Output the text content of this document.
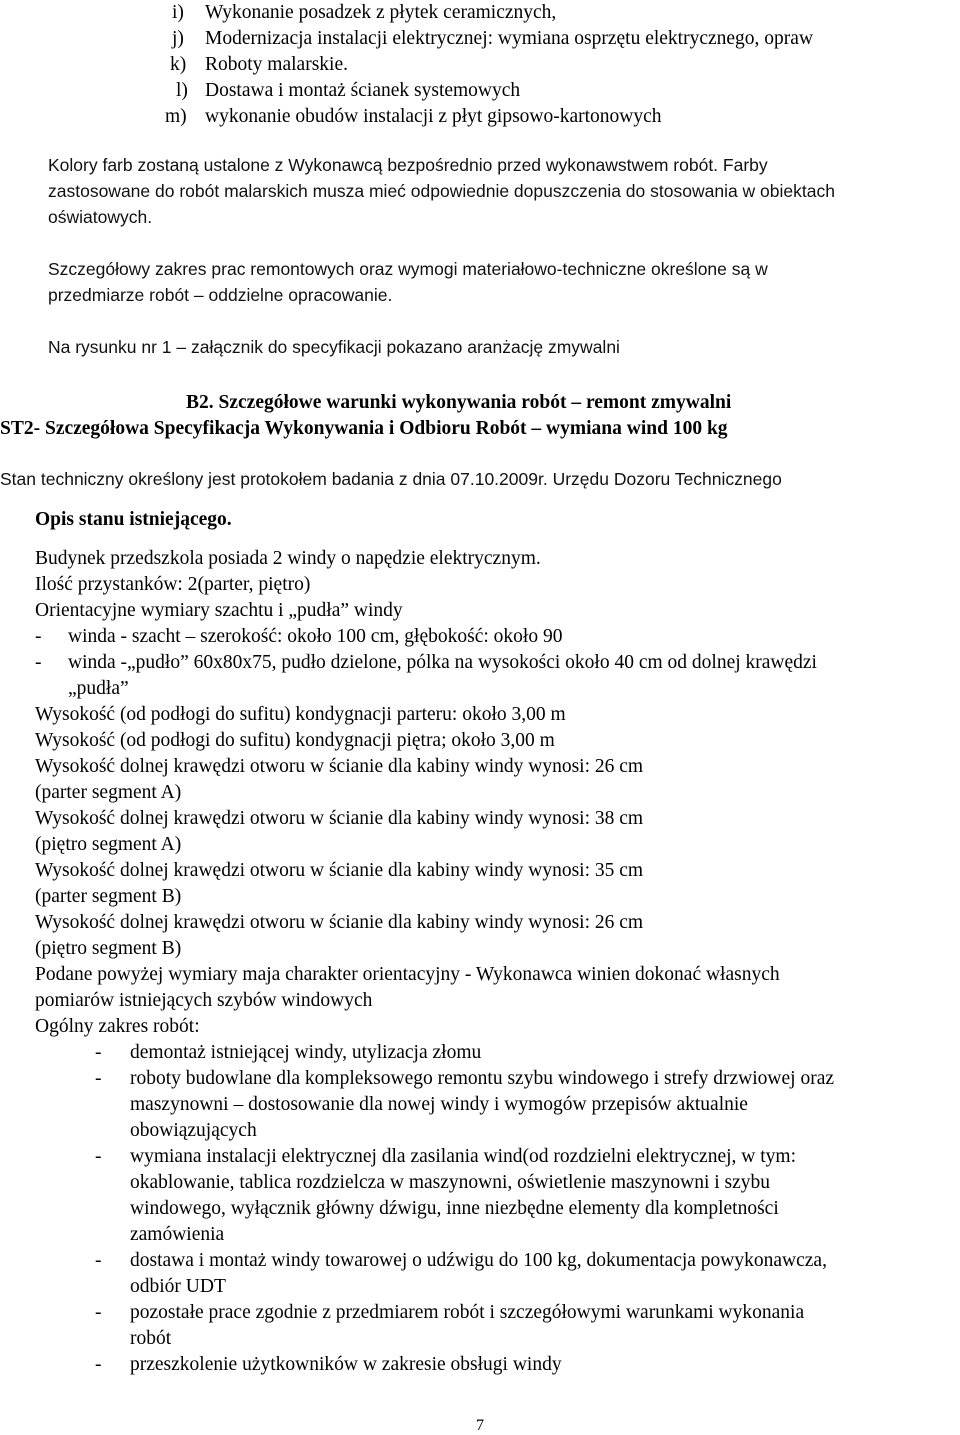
i) Wykonanie posadzek z płytek ceramicznych,
j) Modernizacja instalacji elektrycznej: wymiana osprzętu elektrycznego, opraw
k) Roboty malarskie.
l) Dostawa i montaż ścianek systemowych
m) wykonanie obudów instalacji z płyt gipsowo-kartonowych
Kolory farb zostaną ustalone z Wykonawcą bezpośrednio przed wykonawstwem robót. Farby
zastosowane do robót malarskich musza mieć odpowiednie dopuszczenia do stosowania w obiektach
oświatowych.
Szczegółowy zakres prac remontowych oraz wymogi materiałowo-techniczne określone są w
przedmiarze robót – oddzielne opracowanie.
Na rysunku nr 1 – załącznik do specyfikacji pokazano aranżację zmywalni
B2. Szczegółowe warunki wykonywania robót – remont zmywalni
ST2- Szczegółowa Specyfikacja Wykonywania i Odbioru Robót – wymiana wind 100 kg
Stan techniczny określony jest protokołem badania z dnia 07.10.2009r. Urzędu Dozoru Technicznego
Opis stanu istniejącego.
Budynek przedszkola posiada 2 windy o napędzie elektrycznym.
Ilość przystanków: 2(parter, piętro)
Orientacyjne wymiary szachtu i „pudła” windy
- winda - szacht – szerokość: około 100 cm, głębokość: około 90
- winda -„pudło” 60x80x75, pudło dzielone, pólka na wysokości około 40 cm od dolnej krawędzi
„pudła”
Wysokość (od podłogi do sufitu) kondygnacji parteru: około 3,00 m
Wysokość (od podłogi do sufitu) kondygnacji piętra; około 3,00 m
Wysokość dolnej krawędzi otworu w ścianie dla kabiny windy wynosi: 26 cm
(parter segment A)
Wysokość dolnej krawędzi otworu w ścianie dla kabiny windy wynosi: 38 cm
(piętro segment A)
Wysokość dolnej krawędzi otworu w ścianie dla kabiny windy wynosi: 35 cm
(parter segment B)
Wysokość dolnej krawędzi otworu w ścianie dla kabiny windy wynosi: 26 cm
(piętro segment B)
Podane powyżej wymiary maja charakter orientacyjny - Wykonawca winien dokonać własnych
pomiarów istniejących szybów windowych
Ogólny zakres robót:
- demontaż istniejącej windy, utylizacja złomu
- roboty budowlane dla kompleksowego remontu szybu windowego i strefy drzwiowej oraz
maszynowni – dostosowanie dla nowej windy i wymogów przepisów aktualnie
obowiązujących
- wymiana instalacji elektrycznej dla zasilania wind(od rozdzielni elektrycznej, w tym:
okablowanie, tablica rozdzielcza w maszynowni, oświetlenie maszynowni i szybu
windowego, wyłącznik główny dźwigu, inne niezbędne elementy dla kompletności
zamówienia
- dostawa i montaż windy towarowej o udźwigu do 100 kg, dokumentacja powykonawcza,
odbiór UDT
- pozostałe prace zgodnie z przedmiarem robót i szczegółowymi warunkami wykonania
robót
- przeszkolenie użytkowników w zakresie obsługi windy
7
